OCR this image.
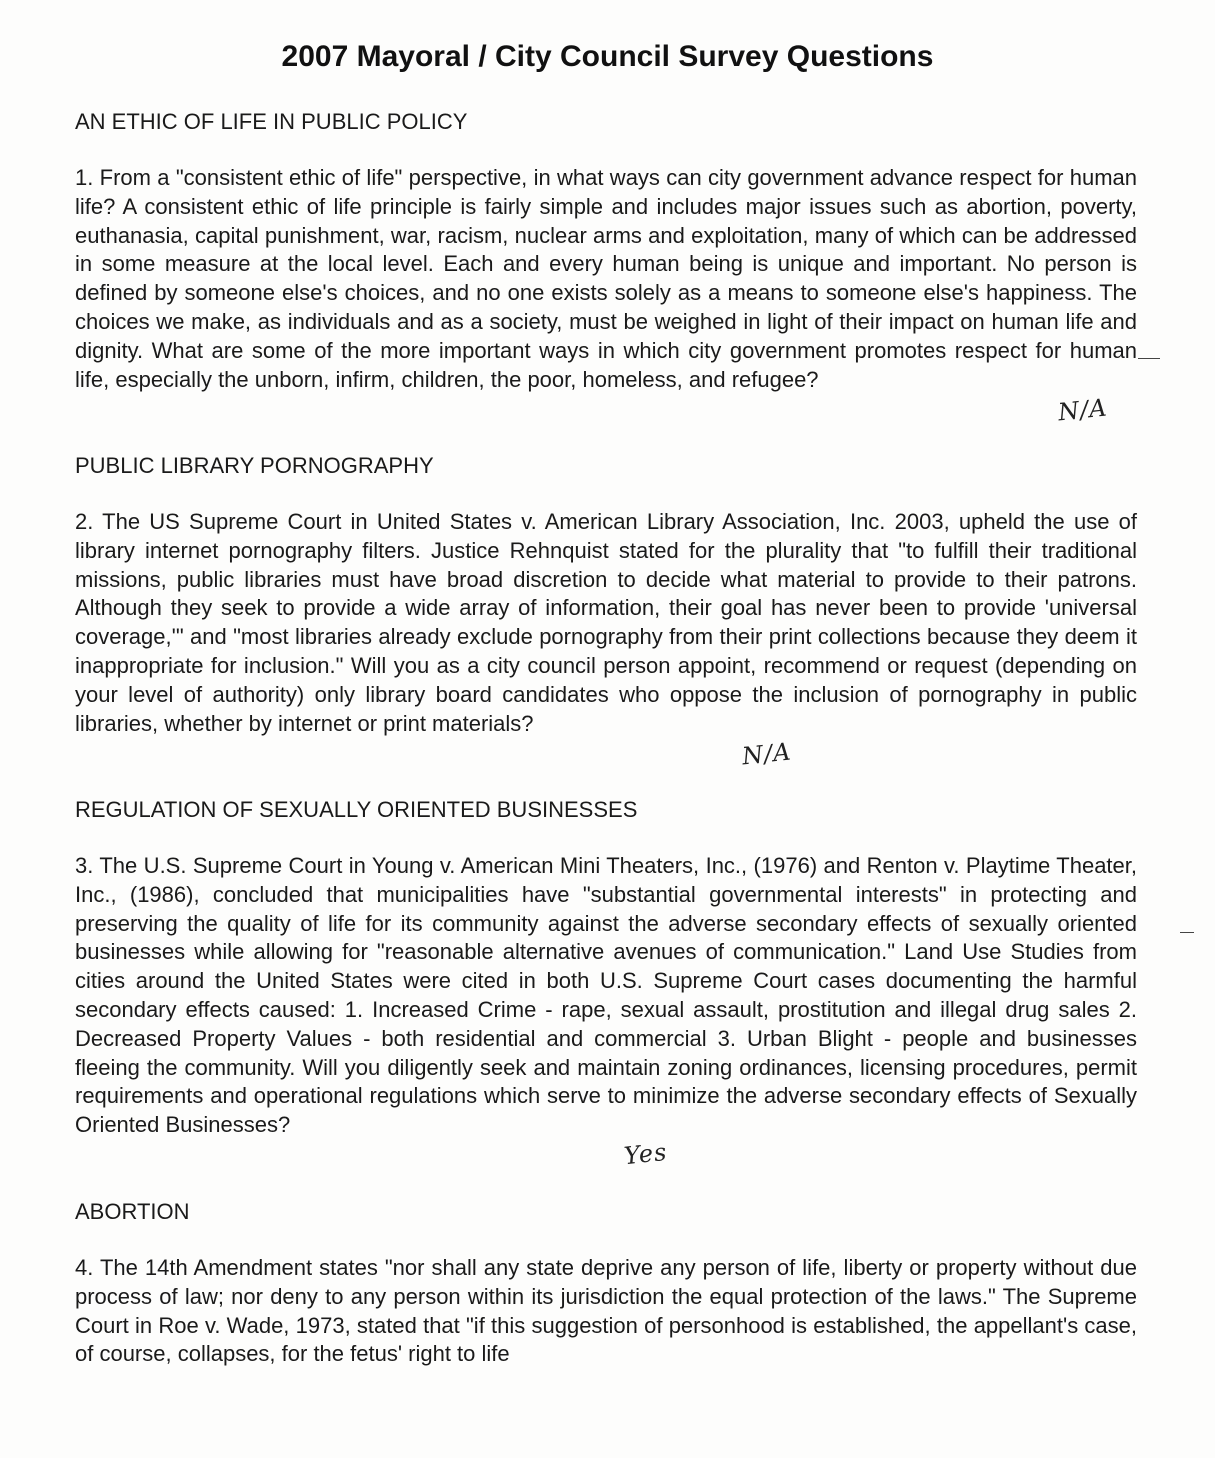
2007 Mayoral / City Council Survey Questions
AN ETHIC OF LIFE IN PUBLIC POLICY

1. From a "consistent ethic of life" perspective, in what ways can city government advance respect for human life? A consistent ethic of life principle is fairly simple and includes major issues such as abortion, poverty, euthanasia, capital punishment, war, racism, nuclear arms and exploitation, many of which can be addressed in some measure at the local level. Each and every human being is unique and important. No person is defined by someone else's choices, and no one exists solely as a means to someone else's happiness. The choices we make, as individuals and as a society, must be weighed in light of their impact on human life and dignity. What are some of the more important ways in which city government promotes respect for human life, especially the unborn, infirm, children, the poor, homeless, and refugee?

N/A

PUBLIC LIBRARY PORNOGRAPHY

2. The US Supreme Court in United States v. American Library Association, Inc. 2003, upheld the use of library internet pornography filters. Justice Rehnquist stated for the plurality that "to fulfill their traditional missions, public libraries must have broad discretion to decide what material to provide to their patrons. Although they seek to provide a wide array of information, their goal has never been to provide 'universal coverage,'" and "most libraries already exclude pornography from their print collections because they deem it inappropriate for inclusion." Will you as a city council person appoint, recommend or request (depending on your level of authority) only library board candidates who oppose the inclusion of pornography in public libraries, whether by internet or print materials?

N/A

REGULATION OF SEXUALLY ORIENTED BUSINESSES

3. The U.S. Supreme Court in Young v. American Mini Theaters, Inc., (1976) and Renton v. Playtime Theater, Inc., (1986), concluded that municipalities have "substantial governmental interests" in protecting and preserving the quality of life for its community against the adverse secondary effects of sexually oriented businesses while allowing for "reasonable alternative avenues of communication." Land Use Studies from cities around the United States were cited in both U.S. Supreme Court cases documenting the harmful secondary effects caused: 1. Increased Crime - rape, sexual assault, prostitution and illegal drug sales 2. Decreased Property Values - both residential and commercial 3. Urban Blight - people and businesses fleeing the community. Will you diligently seek and maintain zoning ordinances, licensing procedures, permit requirements and operational regulations which serve to minimize the adverse secondary effects of Sexually Oriented Businesses?

Yes

ABORTION

4. The 14th Amendment states "nor shall any state deprive any person of life, liberty or property without due process of law; nor deny to any person within its jurisdiction the equal protection of the laws." The Supreme Court in Roe v. Wade, 1973, stated that "if this suggestion of personhood is established, the appellant's case, of course, collapses, for the fetus' right to life
